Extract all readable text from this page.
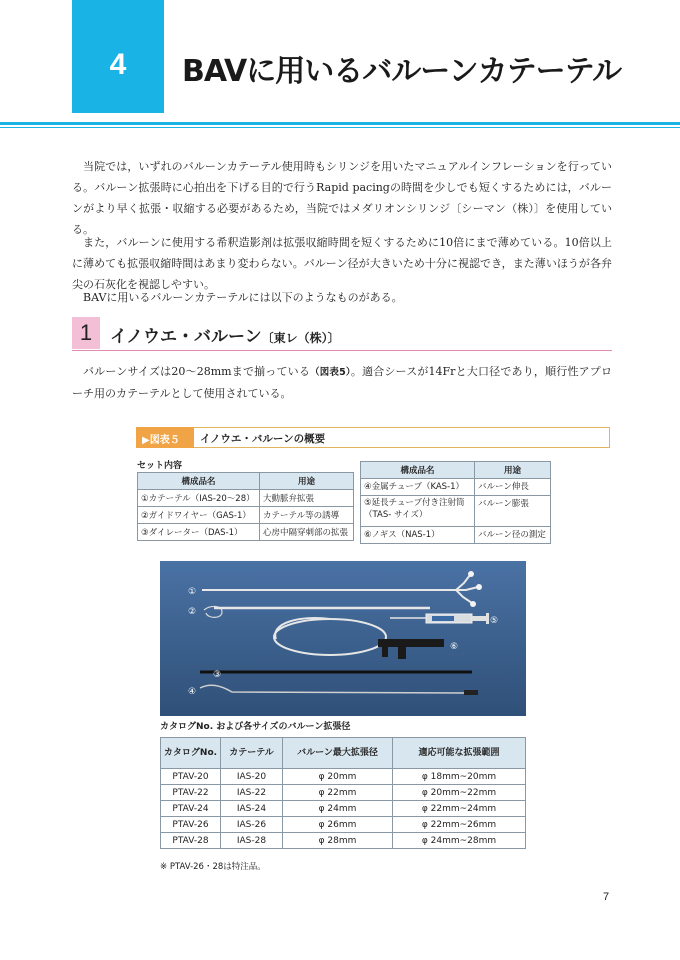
4	BAVに用いるバルーンカテーテル

当院では，いずれのバルーンカテーテル使用時もシリンジを用いたマニュアルインフレーションを行っている。バルーン拡張時に心拍出を下げる目的で行うRapid pacingの時間を少しでも短くするためには，バルーンがより早く拡張・収縮する必要があるため，当院ではメダリオンシリンジ〔シーマン（株）〕を使用している。

また，バルーンに使用する希釈造影剤は拡張収縮時間を短くするために10倍にまで薄めている。10倍以上に薄めても拡張収縮時間はあまり変わらない。バルーン径が大きいため十分に視認でき，また薄いほうが各弁尖の石灰化を視認しやすい。

BAVに用いるバルーンカテーテルには以下のようなものがある。

1	イノウエ・バルーン〔東レ（株）〕

バルーンサイズは20～28mmまで揃っている（図表5）。適合シースが14Frと大口径であり，順行性アプローチ用のカテーテルとして使用されている。

▶図表５ イノウエ・バルーンの概要
セット内容
構成品名	用途
①カテーテル（IAS-20～28）	大動脈弁拡張
②ガイドワイヤー（GAS-1）	カテーテル等の誘導
③ダイレーター（DAS-1）	心房中隔穿刺部の拡張
構成品名	用途
④金属チューブ（KAS-1）	バルーン伸長
⑤延長チューブ付き注射筒（TAS- サイズ）	バルーン膨張
⑥ノギス（NAS-1）	バルーン径の測定
①
②
③
④
⑤
⑥
カタログNo. および各サイズのバルーン拡張径
カタログNo.	カテーテル	バルーン最大拡張径	適応可能な拡張範囲
PTAV-20	IAS-20	φ 20mm	φ 18mm~20mm
PTAV-22	IAS-22	φ 22mm	φ 20mm~22mm
PTAV-24	IAS-24	φ 24mm	φ 22mm~24mm
PTAV-26	IAS-26	φ 26mm	φ 22mm~26mm
PTAV-28	IAS-28	φ 28mm	φ 24mm~28mm
※ PTAV-26・28は特注品。
7
